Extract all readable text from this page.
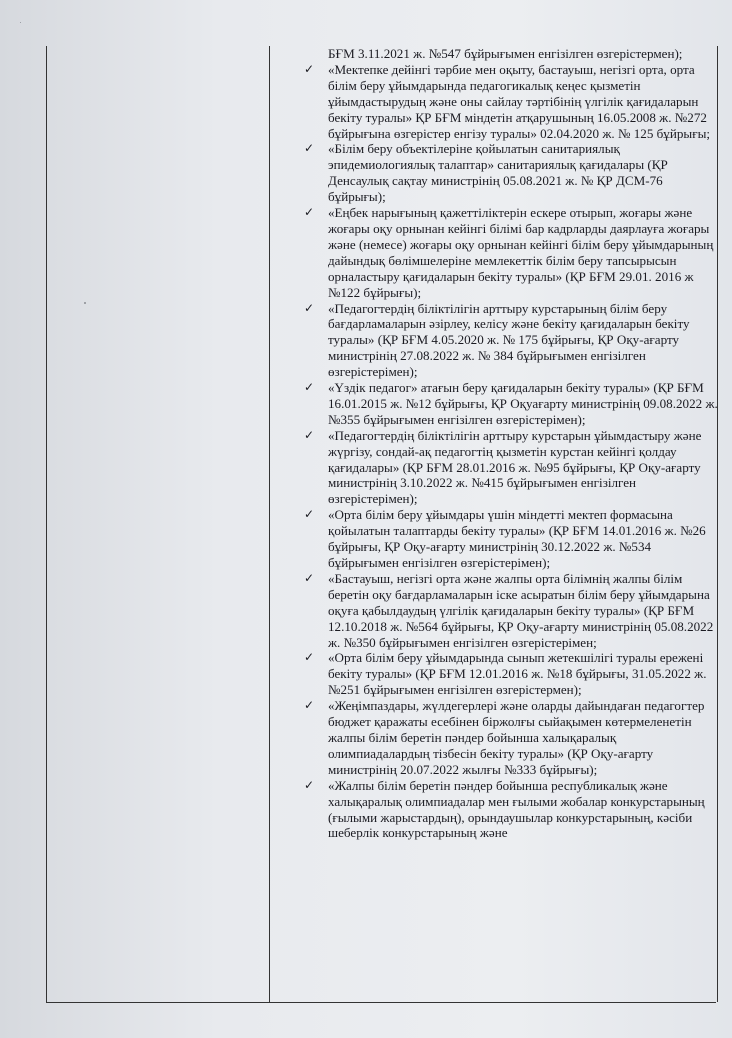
БҒМ 3.11.2021 ж. №547 бұйрығымен енгізілген өзгерістермен);

✓ «Мектепке дейінгі тәрбие мен оқыту, бастауыш, негізгі орта, орта білім беру ұйымдарында педагогикалық кеңес қызметін ұйымдастырудың және оны сайлау тәртібінің үлгілік қағидаларын бекіту туралы» ҚР БҒМ міндетін атқарушының 16.05.2008 ж. №272 бұйрығына өзгерістер енгізу туралы» 02.04.2020 ж. № 125 бұйрығы;

✓ «Білім беру объектілеріне қойылатын санитариялық эпидемиологиялық талаптар» санитариялық қағидалары (ҚР Денсаулық сақтау министрінің 05.08.2021 ж. № ҚР ДСМ-76 бұйрығы);

✓ «Еңбек нарығының қажеттіліктерін ескере отырып, жоғары және жоғары оқу орнынан кейінгі білімі бар кадрларды даярлауға жоғары және (немесе) жоғары оқу орнынан кейінгі білім беру ұйымдарының дайындық бөлімшелеріне мемлекеттік білім беру тапсырысын орналастыру қағидаларын бекіту туралы» (ҚР БҒМ 29.01. 2016 ж №122 бұйрығы);

✓ «Педагогтердің біліктілігін арттыру курстарының білім беру бағдарламаларын әзірлеу, келісу және бекіту қағидаларын бекіту туралы» (ҚР БҒМ 4.05.2020 ж. № 175 бұйрығы, ҚР Оқу-ағарту министрінің 27.08.2022 ж. № 384 бұйрығымен енгізілген өзгерістерімен);

✓ «Үздік педагог» атағын беру қағидаларын бекіту туралы» (ҚР БҒМ 16.01.2015 ж. №12 бұйрығы, ҚР Оқуағарту министрінің 09.08.2022 ж. №355 бұйрығымен енгізілген өзгерістерімен);

✓ «Педагогтердің біліктілігін арттыру курстарын ұйымдастыру және жүргізу, сондай-ақ педагогтің қызметін курстан кейінгі қолдау қағидалары» (ҚР БҒМ 28.01.2016 ж. №95 бұйрығы, ҚР Оқу-ағарту министрінің 3.10.2022 ж. №415 бұйрығымен енгізілген өзгерістерімен);

✓ «Орта білім беру ұйымдары үшін міндетті мектеп формасына қойылатын талаптарды бекіту туралы» (ҚР БҒМ 14.01.2016 ж. №26 бұйрығы, ҚР Оқу-ағарту министрінің 30.12.2022 ж. №534 бұйрығымен енгізілген өзгерістерімен);

✓ «Бастауыш, негізгі орта және жалпы орта білімнің жалпы білім беретін оқу бағдарламаларын іске асыратын білім беру ұйымдарына оқуға қабылдаудың үлгілік қағидаларын бекіту туралы» (ҚР БҒМ 12.10.2018 ж. №564 бұйрығы, ҚР Оқу-ағарту министрінің 05.08.2022 ж. №350 бұйрығымен енгізілген өзгерістерімен;

✓ «Орта білім беру ұйымдарында сынып жетекшілігі туралы ережені бекіту туралы» (ҚР БҒМ 12.01.2016 ж. №18 бұйрығы, 31.05.2022 ж. №251 бұйрығымен енгізілген өзгерістермен);

✓ «Жеңімпаздары, жүлдегерлері және оларды дайындаған педагогтер бюджет қаражаты есебінен біржолғы сыйақымен көтермеленетін жалпы білім беретін пәндер бойынша халықаралық олимпиадалардың тізбесін бекіту туралы» (ҚР Оқу-ағарту министрінің 20.07.2022 жылғы №333 бұйрығы);

✓ «Жалпы білім беретін пәндер бойынша республикалық және халықаралық олимпиадалар мен ғылыми жобалар конкурстарының (ғылыми жарыстардың), орындаушылар конкурстарының, кәсіби шеберлік конкурстарының және
